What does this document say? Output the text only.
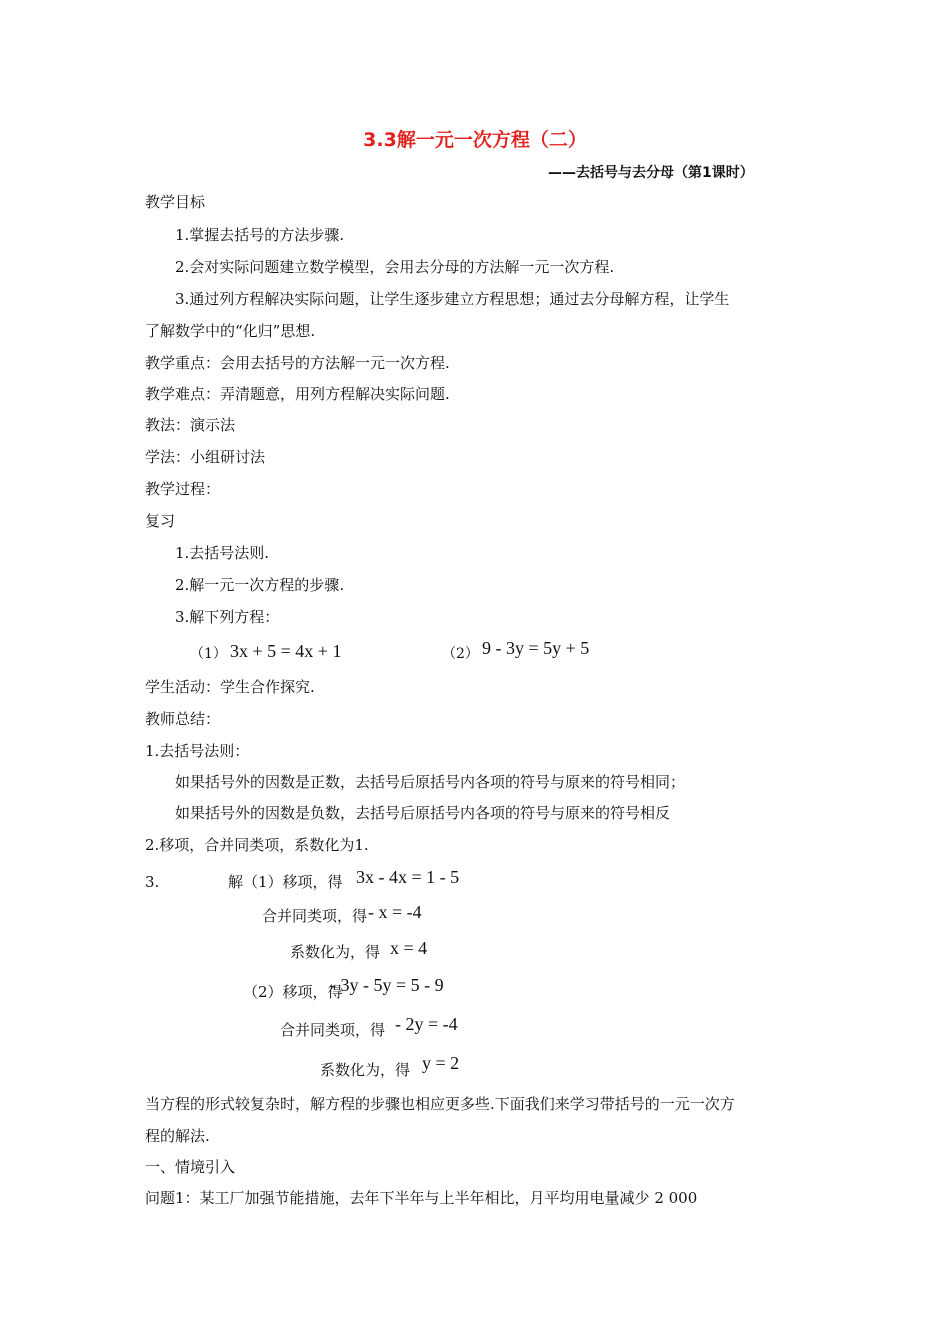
3.3解一元一次方程（二）
——去括号与去分母（第1课时）
教学目标
1.掌握去括号的方法步骤.
2.会对实际问题建立数学模型，会用去分母的方法解一元一次方程.
3.通过列方程解决实际问题，让学生逐步建立方程思想；通过去分母解方程，让学生
了解数学中的“化归”思想.
教学重点：会用去括号的方法解一元一次方程.
教学难点：弄清题意，用列方程解决实际问题.
教法：演示法
学法：小组研讨法
教学过程：
复习
1.去括号法则.
2.解一元一次方程的步骤.
3.解下列方程：
（1） 3x + 5 = 4x + 1	（2） 9 - 3y = 5y + 5
学生活动：学生合作探究.
教师总结：
1.去括号法则：
如果括号外的因数是正数，去括号后原括号内各项的符号与原来的符号相同；
如果括号外的因数是负数，去括号后原括号内各项的符号与原来的符号相反
2.移项，合并同类项，系数化为1.
3.	解（1）移项，得 3x - 4x = 1 - 5
合并同类项，得 - x = -4
系数化为，得 x = 4
（2）移项，得
- 3y - 5y = 5 - 9
合并同类项，得 - 2y = -4
系数化为，得 y = 2
当方程的形式较复杂时，解方程的步骤也相应更多些.下面我们来学习带括号的一元一次方
程的解法.
一、情境引入
问题1：某工厂加强节能措施，去年下半年与上半年相比，月平均用电量减少 2 000
